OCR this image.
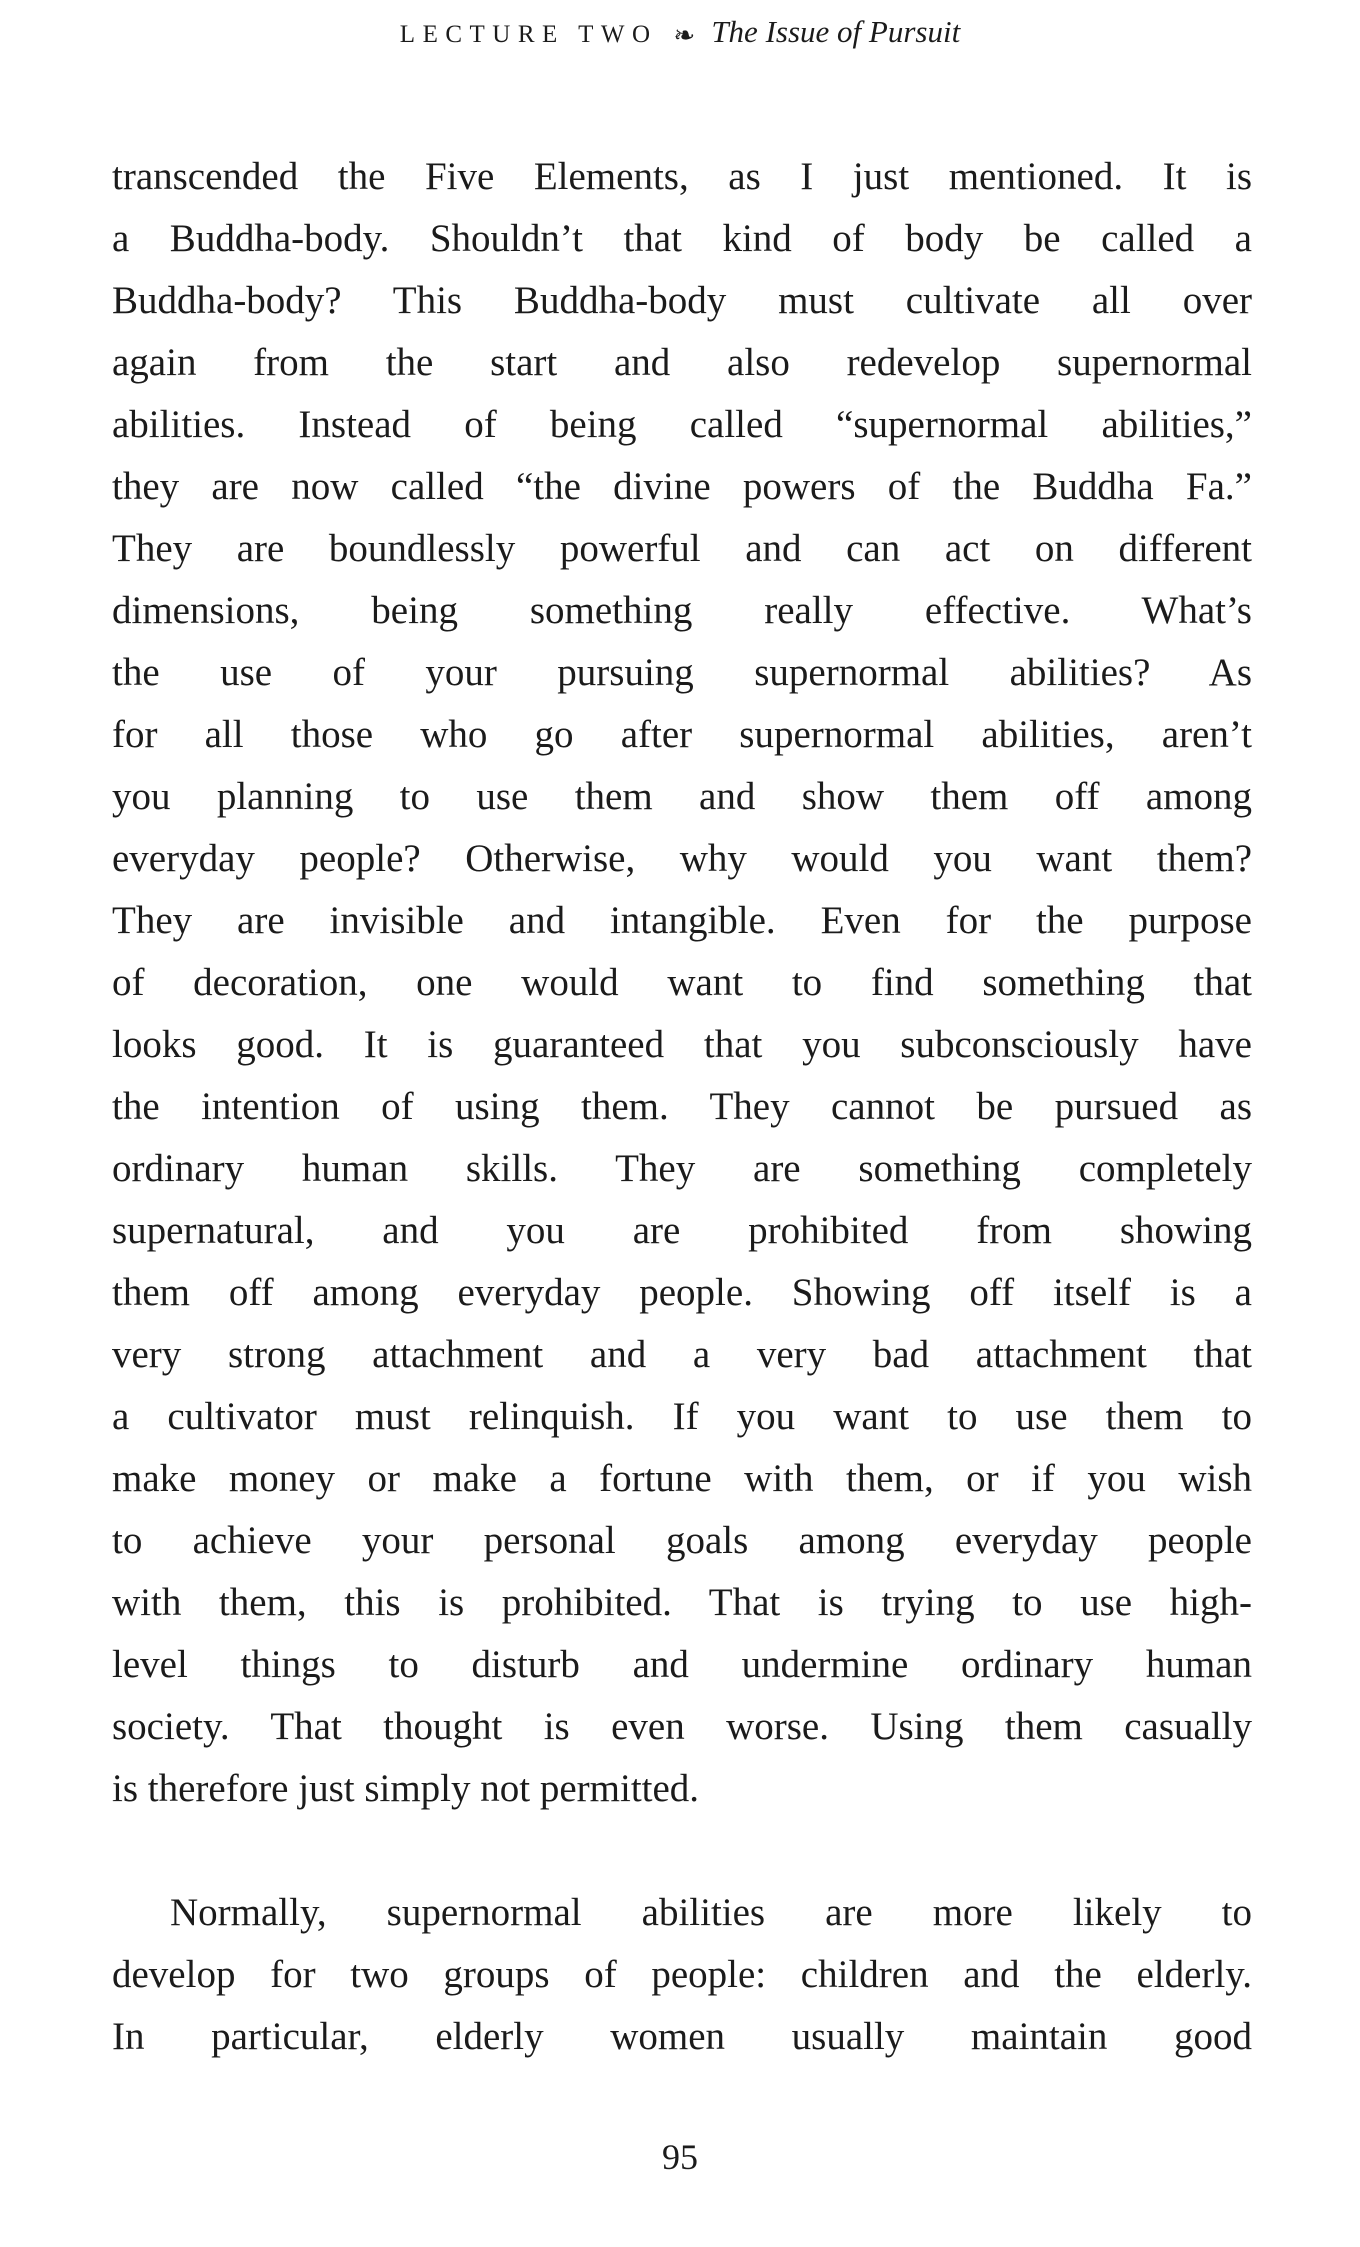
LECTURE TWO ❧ The Issue of Pursuit
transcended the Five Elements, as I just mentioned. It is
a Buddha-body. Shouldn’t that kind of body be called a
Buddha-body? This Buddha-body must cultivate all over
again from the start and also redevelop supernormal
abilities. Instead of being called “supernormal abilities,”
they are now called “the divine powers of the Buddha Fa.”
They are boundlessly powerful and can act on different
dimensions, being something really effective. What’s
the use of your pursuing supernormal abilities? As
for all those who go after supernormal abilities, aren’t
you planning to use them and show them off among
everyday people? Otherwise, why would you want them?
They are invisible and intangible. Even for the purpose
of decoration, one would want to find something that
looks good. It is guaranteed that you subconsciously have
the intention of using them. They cannot be pursued as
ordinary human skills. They are something completely
supernatural, and you are prohibited from showing
them off among everyday people. Showing off itself is a
very strong attachment and a very bad attachment that
a cultivator must relinquish. If you want to use them to
make money or make a fortune with them, or if you wish
to achieve your personal goals among everyday people
with them, this is prohibited. That is trying to use high-
level things to disturb and undermine ordinary human
society. That thought is even worse. Using them casually
is therefore just simply not permitted.
Normally, supernormal abilities are more likely to
develop for two groups of people: children and the elderly.
In particular, elderly women usually maintain good
95
